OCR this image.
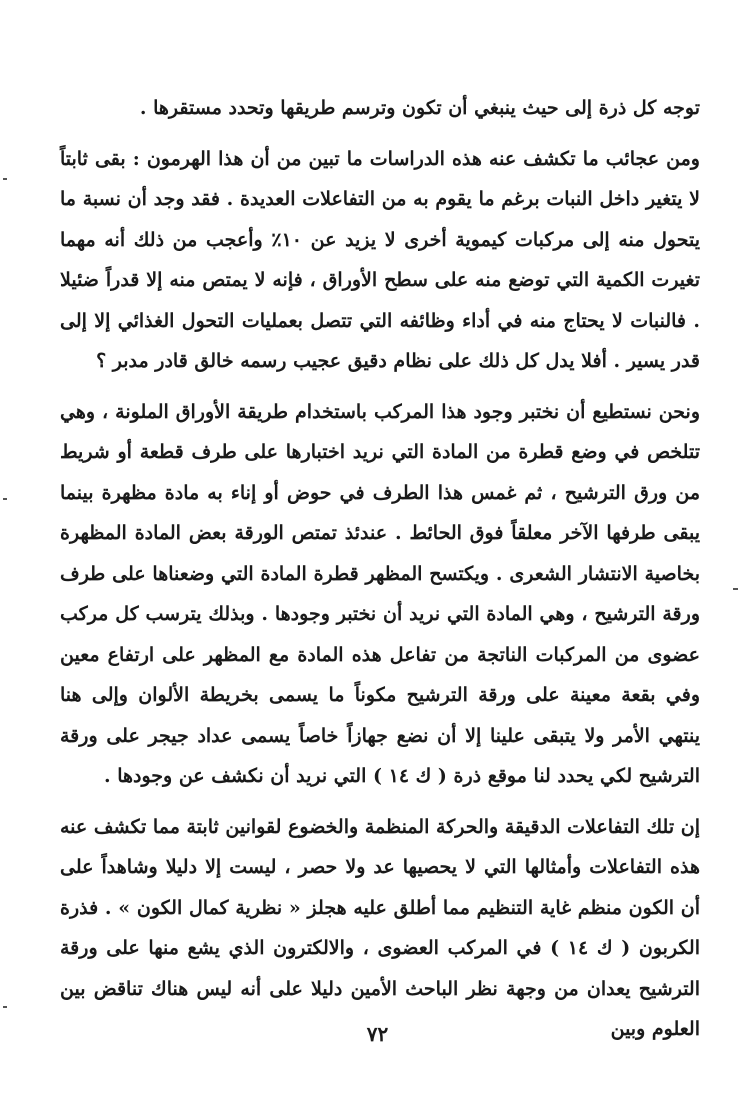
توجه كل ذرة إلى حيث ينبغي أن تكون وترسم طريقها وتحدد مستقرها .

ومن عجائب ما تكشف عنه هذه الدراسات ما تبين من أن هذا الهرمون : بقى ثابتاً لا يتغير داخل النبات برغم ما يقوم به من التفاعلات العديدة . فقد وجد أن نسبة ما يتحول منه إلى مركبات كيموية أخرى لا يزيد عن ١٠٪ وأعجب من ذلك أنه مهما تغيرت الكمية التي توضع منه على سطح الأوراق ، فإنه لا يمتص منه إلا قدراً ضئيلا . فالنبات لا يحتاج منه في أداء وظائفه التي تتصل بعمليات التحول الغذائي إلا إلى قدر يسير . أفلا يدل كل ذلك على نظام دقيق عجيب رسمه خالق قادر مدبر ؟

ونحن نستطيع أن نختبر وجود هذا المركب باستخدام طريقة الأوراق الملونة ، وهي تتلخص في وضع قطرة من المادة التي نريد اختبارها على طرف قطعة أو شريط من ورق الترشيح ، ثم غمس هذا الطرف في حوض أو إناء به مادة مظهرة بينما يبقى طرفها الآخر معلقاً فوق الحائط . عندئذ تمتص الورقة بعض المادة المظهرة بخاصية الانتشار الشعرى . ويكتسح المظهر قطرة المادة التي وضعناها على طرف ورقة الترشيح ، وهي المادة التي نريد أن نختبر وجودها . وبذلك يترسب كل مركب عضوى من المركبات الناتجة من تفاعل هذه المادة مع المظهر على ارتفاع معين وفي بقعة معينة على ورقة الترشيح مكوناً ما يسمى بخريطة الألوان وإلى هنا ينتهي الأمر ولا يتبقى علينا إلا أن نضع جهازاً خاصاً يسمى عداد جيجر على ورقة الترشيح لكي يحدد لنا موقع ذرة ( ك ١٤ ) التي نريد أن نكشف عن وجودها .

إن تلك التفاعلات الدقيقة والحركة المنظمة والخضوع لقوانين ثابتة مما تكشف عنه هذه التفاعلات وأمثالها التي لا يحصيها عد ولا حصر ، ليست إلا دليلا وشاهداً على أن الكون منظم غاية التنظيم مما أطلق عليه هجلز « نظرية كمال الكون » . فذرة الكربون ( ك ١٤ ) في المركب العضوى ، والالكترون الذي يشع منها على ورقة الترشيح يعدان من وجهة نظر الباحث الأمين دليلا على أنه ليس هناك تناقض بين العلوم وبين

٧٢
